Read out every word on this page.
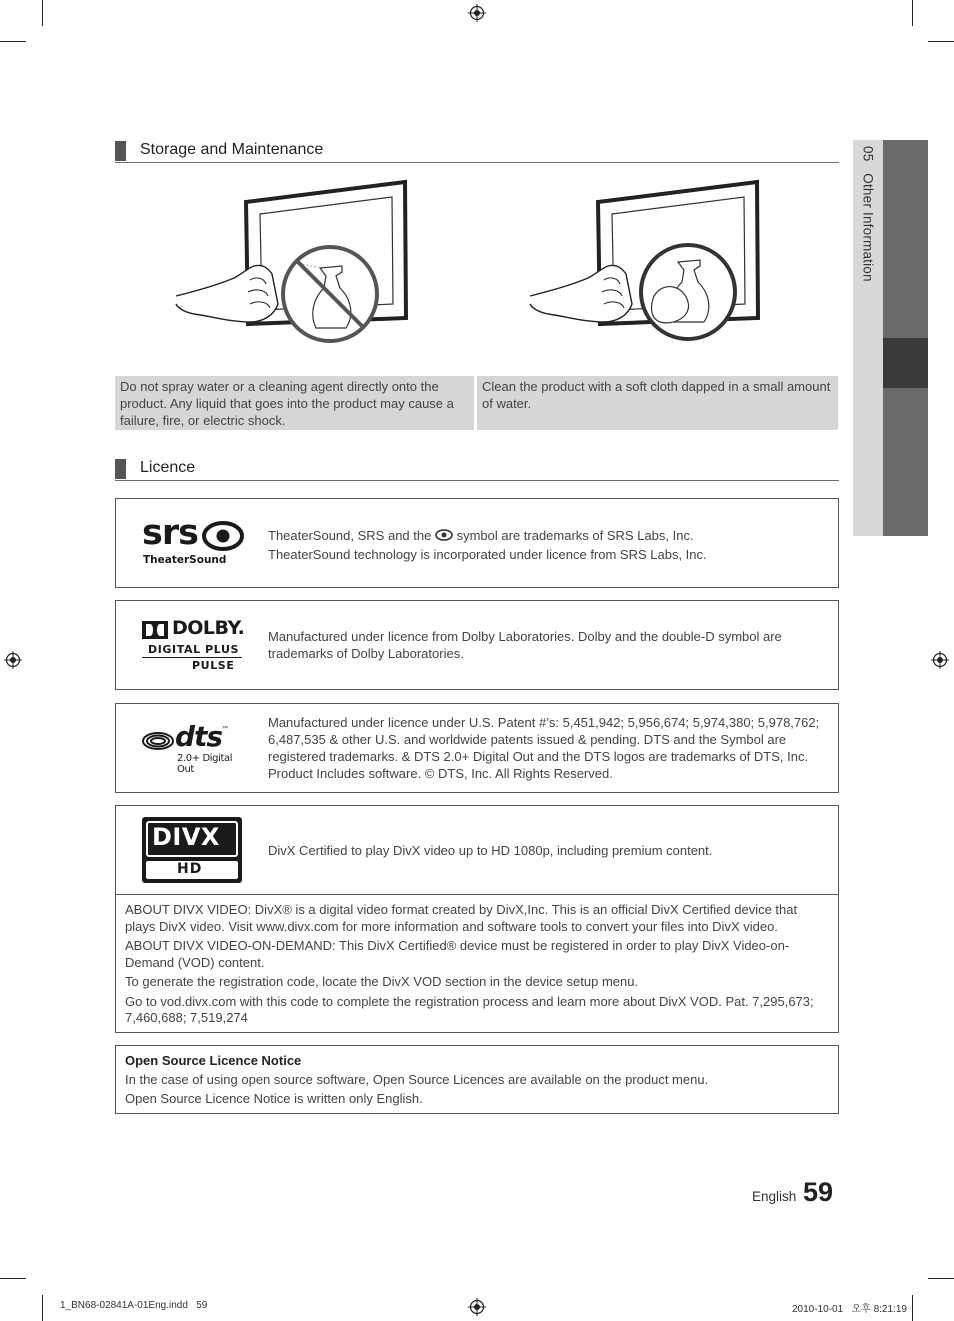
05   Other Information
Storage and Maintenance
Do not spray water or a cleaning agent directly onto the product. Any liquid that goes into the product may cause a failure, fire, or electric shock.
Clean the product with a soft cloth dapped in a small amount of water.
Licence
srs
TheaterSound
TheaterSound, SRS and the symbol are trademarks of SRS Labs, Inc.
TheaterSound technology is incorporated under licence from SRS Labs, Inc.
DOLBY.
DIGITAL PLUS
PULSE
Manufactured under licence from Dolby Laboratories. Dolby and the double-D symbol are trademarks of Dolby Laboratories.
dts ™
2.0+ Digital Out
Manufactured under licence under U.S. Patent #’s: 5,451,942; 5,956,674; 5,974,380; 5,978,762; 6,487,535 & other U.S. and worldwide patents issued & pending. DTS and the Symbol are registered trademarks. & DTS 2.0+ Digital Out and the DTS logos are trademarks of DTS, Inc. Product Includes software. © DTS, Inc. All Rights Reserved.
DIVX
HD
DivX Certified to play DivX video up to HD 1080p, including premium content.

ABOUT DIVX VIDEO: DivX® is a digital video format created by DivX,Inc. This is an official DivX Certified device that plays DivX video. Visit www.divx.com for more information and software tools to convert your files into DivX video.

ABOUT DIVX VIDEO-ON-DEMAND: This DivX Certified® device must be registered in order to play DivX Video-on-Demand (VOD) content.

To generate the registration code, locate the DivX VOD section in the device setup menu.

Go to vod.divx.com with this code to complete the registration process and learn more about DivX VOD. Pat. 7,295,673; 7,460,688; 7,519,274

Open Source Licence Notice
In the case of using open source software, Open Source Licences are available on the product menu.
Open Source Licence Notice is written only English.
English 59
1_BN68-02841A-01Eng.indd   59	2010-10-01   오후 8:21:19
